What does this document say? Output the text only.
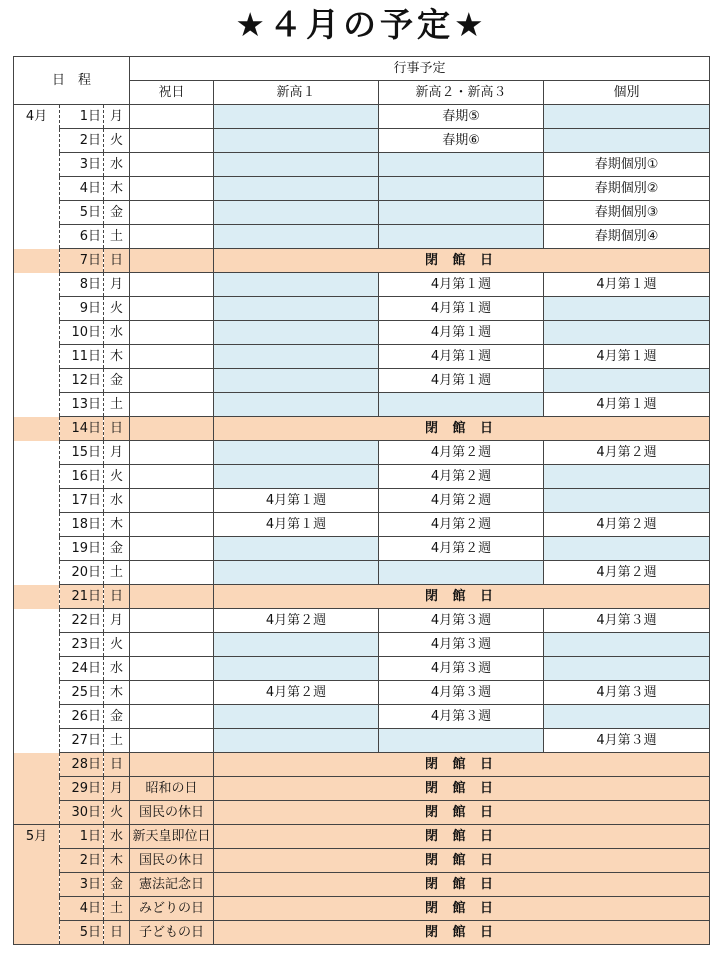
★４月の予定★
日　程			行事予定			
			祝日	新高１	新高２・新高３	個別
4月	1日	月			春期⑤	
	2日	火			春期⑥	
	3日	水				春期個別①
	4日	木				春期個別②
	5日	金				春期個別③
	6日	土				春期個別④
	7日	日		閉 館 日		
	8日	月			4月第１週	4月第１週
	9日	火			4月第１週	
	10日	水			4月第１週	
	11日	木			4月第１週	4月第１週
	12日	金			4月第１週	
	13日	土				4月第１週
	14日	日		閉 館 日		
	15日	月			4月第２週	4月第２週
	16日	火			4月第２週	
	17日	水		4月第１週	4月第２週	
	18日	木		4月第１週	4月第２週	4月第２週
	19日	金			4月第２週	
	20日	土				4月第２週
	21日	日		閉 館 日		
	22日	月		4月第２週	4月第３週	4月第３週
	23日	火			4月第３週	
	24日	水			4月第３週	
	25日	木		4月第２週	4月第３週	4月第３週
	26日	金			4月第３週	
	27日	土				4月第３週
	28日	日		閉 館 日		
	29日	月	昭和の日	閉 館 日		
	30日	火	国民の休日	閉 館 日		
5月	1日	水	新天皇即位日	閉 館 日		
	2日	木	国民の休日	閉 館 日		
	3日	金	憲法記念日	閉 館 日		
	4日	土	みどりの日	閉 館 日		
	5日	日	子どもの日	閉 館 日		
